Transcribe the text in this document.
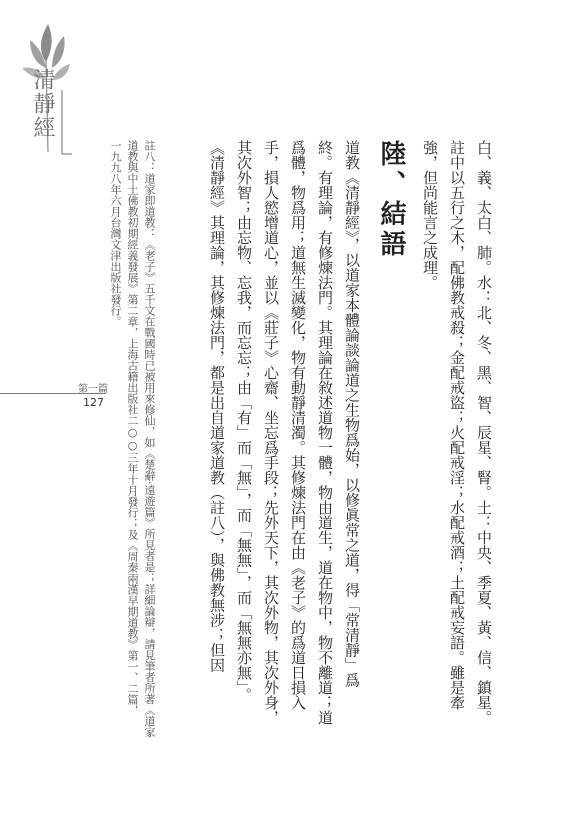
清靜經
第一篇
127	註八：道家即道教：《老子》五千文在戰國時已被用來修仙，如《楚辭‧遠遊篇》所見者是；詳細論辯，請見筆者所著《道家
道教與中土佛教初期經義發展》第二章，上海古籍出版社二○○三年十月發行；及《周秦兩漢早期道教》第一、二篇，
一九九八年六月台灣文津出版社發行。	白、義、太白、肺。水：北、冬、黑、智、辰星、腎。土：中央、季夏、黃、信、鎮星。
註中以五行之木，配佛教戒殺；金配戒盜；火配戒淫；水配戒酒；土配戒妄語。雖是牽
強，但尚能言之成理。
陸、結語
道教《清靜經》，以道家本體論談論道之生物爲始，以修眞常之道，得「常清靜」爲
終。有理論，有修煉法門。其理論在敘述道物一體，物由道生，道在物中，物不離道；道
爲體，物爲用；道無生滅變化，物有動靜清濁。其修煉法門在由《老子》的爲道日損入
手，損人慾增道心，並以《莊子》心齋、坐忘爲手段；先外天下，其次外物，其次外身，
其次外智；由忘物、忘我，而忘忘；由「有」而「無」，而「無無」，而「無無亦無」。
《清靜經》其理論，其修煉法門，都是出自道家道教（註八），與佛教無涉；但因
